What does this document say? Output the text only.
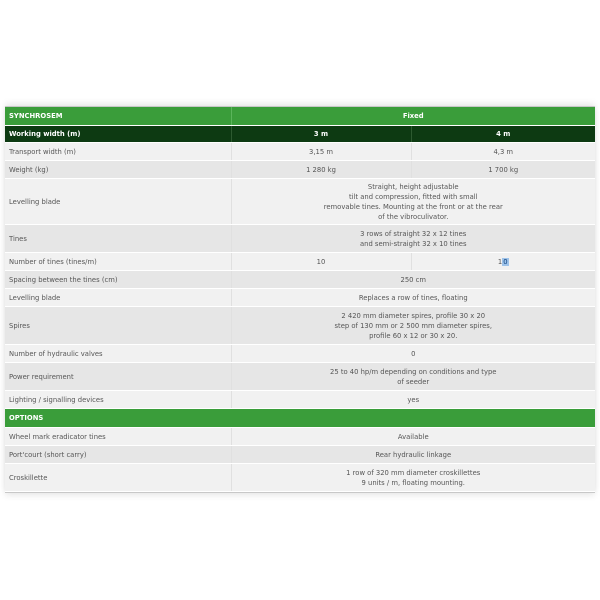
SYNCHROSEM	Fixed	
Working width (m)	3 m	4 m
Transport width (m)	3,15 m	4,3 m
Weight (kg)	1 280 kg	1 700 kg
Levelling blade	Straight, height adjustable
tilt and compression, fitted with small
removable tines. Mounting at the front or at the rear
of the vibroculivator.	

Tines	3 rows of straight 32 x 12 tines
and semi-straight 32 x 10 tines	

Number of tines (tines/m)	10	10
Spacing between the tines (cm)	250 cm	
Levelling blade	Replaces a row of tines, floating	
Spires	2 420 mm diameter spires, profile 30 x 20
step of 130 mm or 2 500 mm diameter spires,
profile 60 x 12 or 30 x 20.	

Number of hydraulic valves	0	
Power requirement	25 to 40 hp/m depending on conditions and type
of seeder	

Lighting / signalling devices	yes	
OPTIONS		
Wheel mark eradicator tines	Available	
Port'court (short carry)	Rear hydraulic linkage	
Croskillette	1 row of 320 mm diameter croskillettes
9 units / m, floating mounting.	
